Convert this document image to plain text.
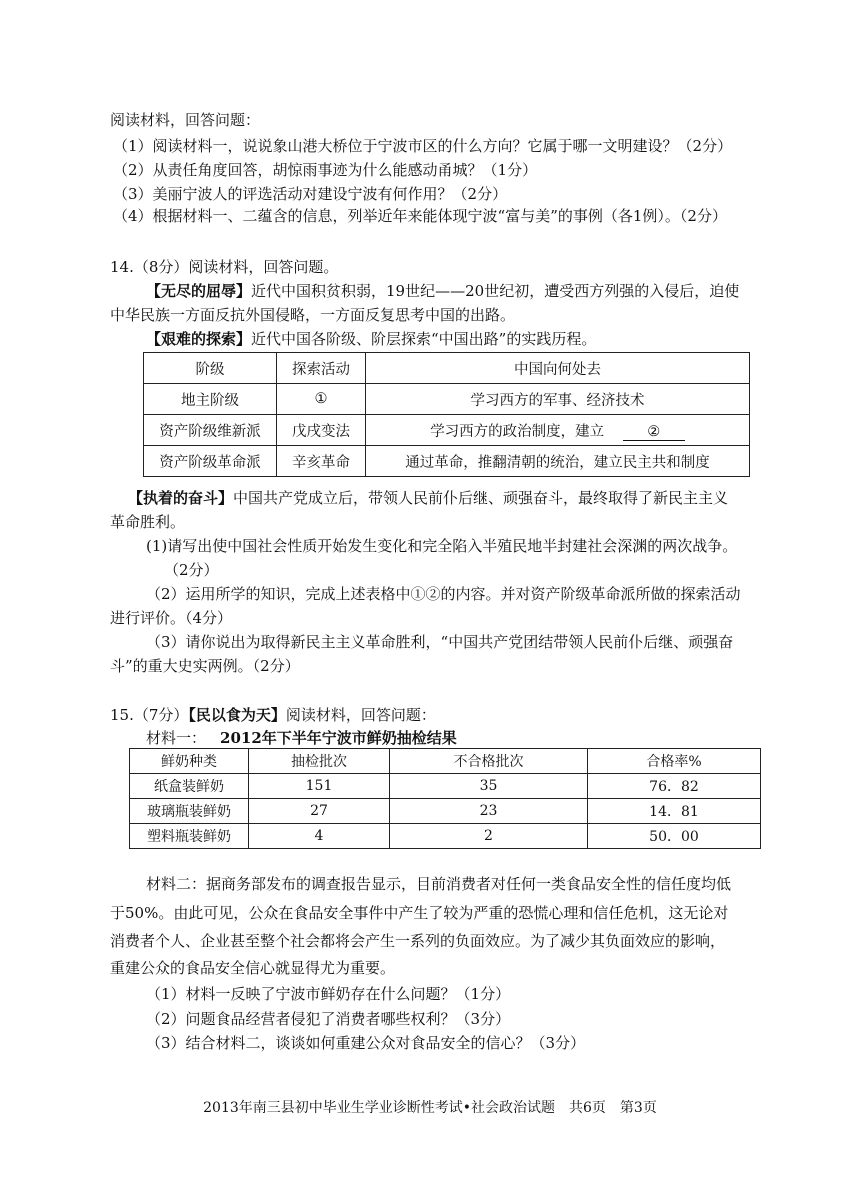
阅读材料，回答问题：
（1）阅读材料一，说说象山港大桥位于宁波市区的什么方向？它属于哪一文明建设？（2分）
（2）从责任角度回答，胡惊雨事迹为什么能感动甬城？（1分）
（3）美丽宁波人的评选活动对建设宁波有何作用？（2分）
（4）根据材料一、二蕴含的信息，列举近年来能体现宁波“富与美”的事例（各1例）。（2分）
14.（8分）阅读材料，回答问题。
【无尽的屈辱】近代中国积贫积弱，19世纪——20世纪初，遭受西方列强的入侵后，迫使
中华民族一方面反抗外国侵略，一方面反复思考中国的出路。
【艰难的探索】近代中国各阶级、阶层探索“中国出路”的实践历程。
阶级	探索活动	中国向何处去
地主阶级	①	学习西方的军事、经济技术
资产阶级维新派	戊戌变法	学习西方的政治制度，建立 ②
资产阶级革命派	辛亥革命	通过革命，推翻清朝的统治，建立民主共和制度
【执着的奋斗】中国共产党成立后，带领人民前仆后继、顽强奋斗，最终取得了新民主主义
革命胜利。
(1)请写出使中国社会性质开始发生变化和完全陷入半殖民地半封建社会深渊的两次战争。
（2分）
（2）运用所学的知识，完成上述表格中①②的内容。并对资产阶级革命派所做的探索活动
进行评价。（4分）
（3）请你说出为取得新民主主义革命胜利，“中国共产党团结带领人民前仆后继、顽强奋
斗”的重大史实两例。（2分）
15.（7分）【民以食为天】阅读材料，回答问题：
材料一： 2012年下半年宁波市鲜奶抽检结果
鲜奶种类	抽检批次	不合格批次	合格率%
纸盒装鲜奶	151	35	76．82
玻璃瓶装鲜奶	27	23	14．81
塑料瓶装鲜奶	4	2	50．00
材料二：据商务部发布的调查报告显示，目前消费者对任何一类食品安全性的信任度均低
于50%。由此可见，公众在食品安全事件中产生了较为严重的恐慌心理和信任危机，这无论对
消费者个人、企业甚至整个社会都将会产生一系列的负面效应。为了减少其负面效应的影响，
重建公众的食品安全信心就显得尤为重要。
（1）材料一反映了宁波市鲜奶存在什么问题？（1分）
（2）问题食品经营者侵犯了消费者哪些权利？（3分）
（3）结合材料二，谈谈如何重建公众对食品安全的信心？（3分）
2013年南三县初中毕业生学业诊断性考试•社会政治试题　共6页　第3页
